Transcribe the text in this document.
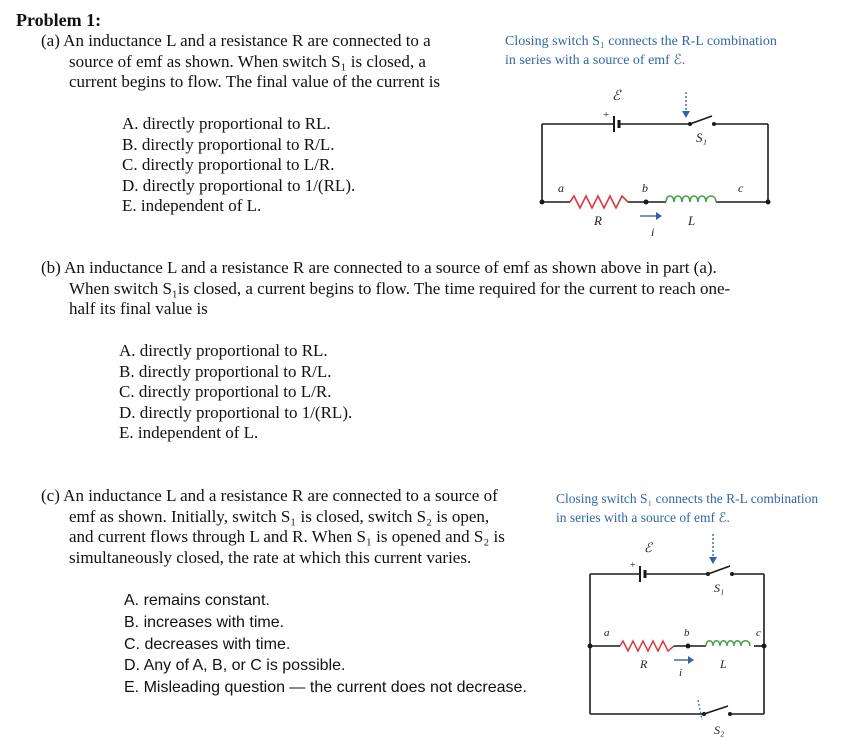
Problem 1:
(a) An inductance L and a resistance R are connected to a
source of emf as shown. When switch S₁ is closed, a
current begins to flow. The final value of the current is
Closing switch S₁ connects the R-L combination
in series with a source of emf ℰ.
A. directly proportional to RL.
B. directly proportional to R/L.
C. directly proportional to L/R.
D. directly proportional to 1/(RL).
E. independent of L.
ℰ
+
S₁
a	b	c
R	L
i
(b) An inductance L and a resistance R are connected to a source of emf as shown above in part (a).
When switch S₁is closed, a current begins to flow. The time required for the current to reach one-
half its final value is
A. directly proportional to RL.
B. directly proportional to R/L.
C. directly proportional to L/R.
D. directly proportional to 1/(RL).
E. independent of L.
(c) An inductance L and a resistance R are connected to a source of
emf as shown. Initially, switch S₁ is closed, switch S₂ is open,
and current flows through L and R. When S₁ is opened and S₂ is
simultaneously closed, the rate at which this current varies.
Closing switch S₁ connects the R-L combination
in series with a source of emf ℰ.
A. remains constant.
B. increases with time.
C. decreases with time.
D. Any of A, B, or C is possible.
E. Misleading question — the current does not decrease.
ℰ
+
S₁
a	b	c
R	L
i
S₂
